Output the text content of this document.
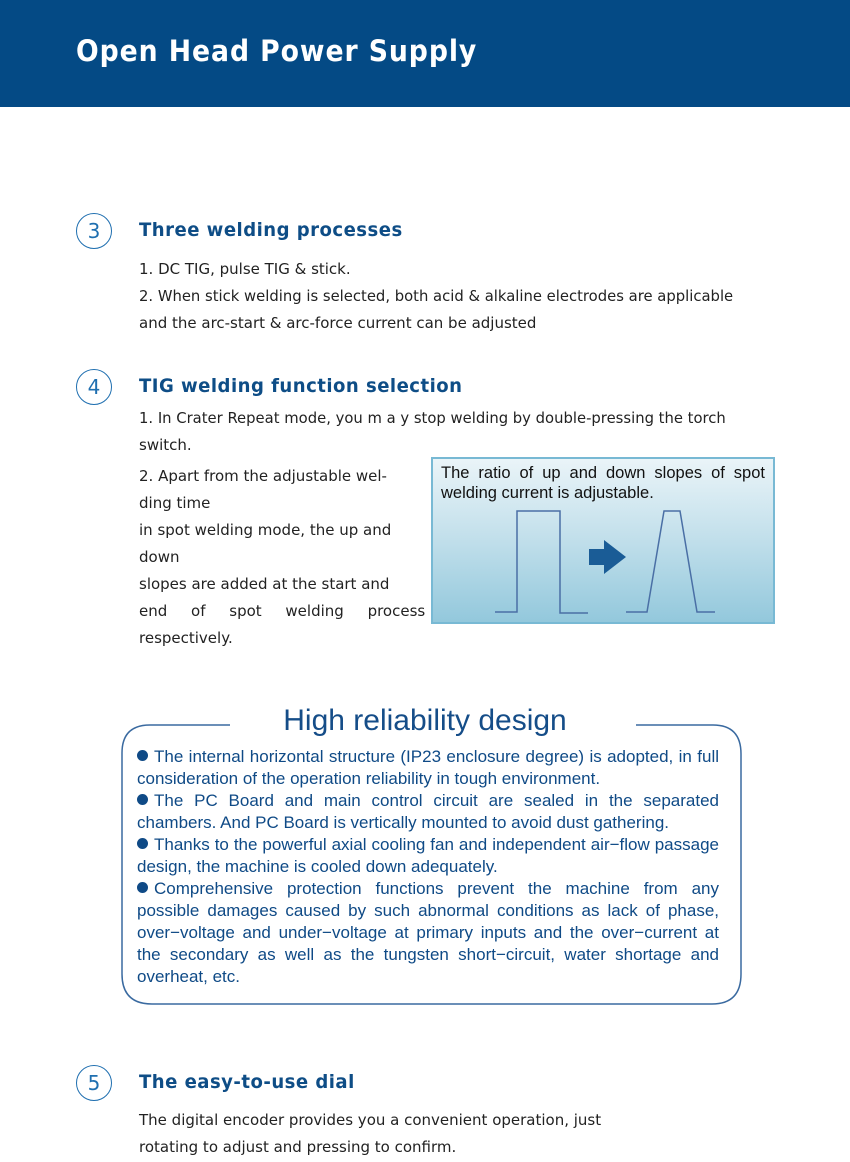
Open Head Power Supply
3	Three welding processes
1. DC TIG, pulse TIG & stick.
2. When stick welding is selected, both acid & alkaline electrodes are applicable
and the arc-start & arc-force current can be adjusted
4	TIG welding function selection
1. In Crater Repeat mode, you m a y stop welding by double-pressing the torch
switch.
2. Apart from the adjustable wel-
ding time
in spot welding mode, the up and
down
slopes are added at the start and
end of spot welding process
respectively.
The ratio of up and down slopes of spot welding current is adjustable.
High reliability design

The internal horizontal structure (IP23 enclosure degree) is adopted, in full consideration of the operation reliability in tough environment.

The PC Board and main control circuit are sealed in the separated chambers. And PC Board is vertically mounted to avoid dust gathering.

Thanks to the powerful axial cooling fan and independent air−flow passage design, the machine is cooled down adequately.

Comprehensive protection functions prevent the machine from any possible damages caused by such abnormal conditions as lack of phase, over−voltage and under−voltage at primary inputs and the over−current at the secondary as well as the tungsten short−circuit, water shortage and overheat, etc.

5	The easy-to-use dial
The digital encoder provides you a convenient operation, just
rotating to adjust and pressing to confirm.
